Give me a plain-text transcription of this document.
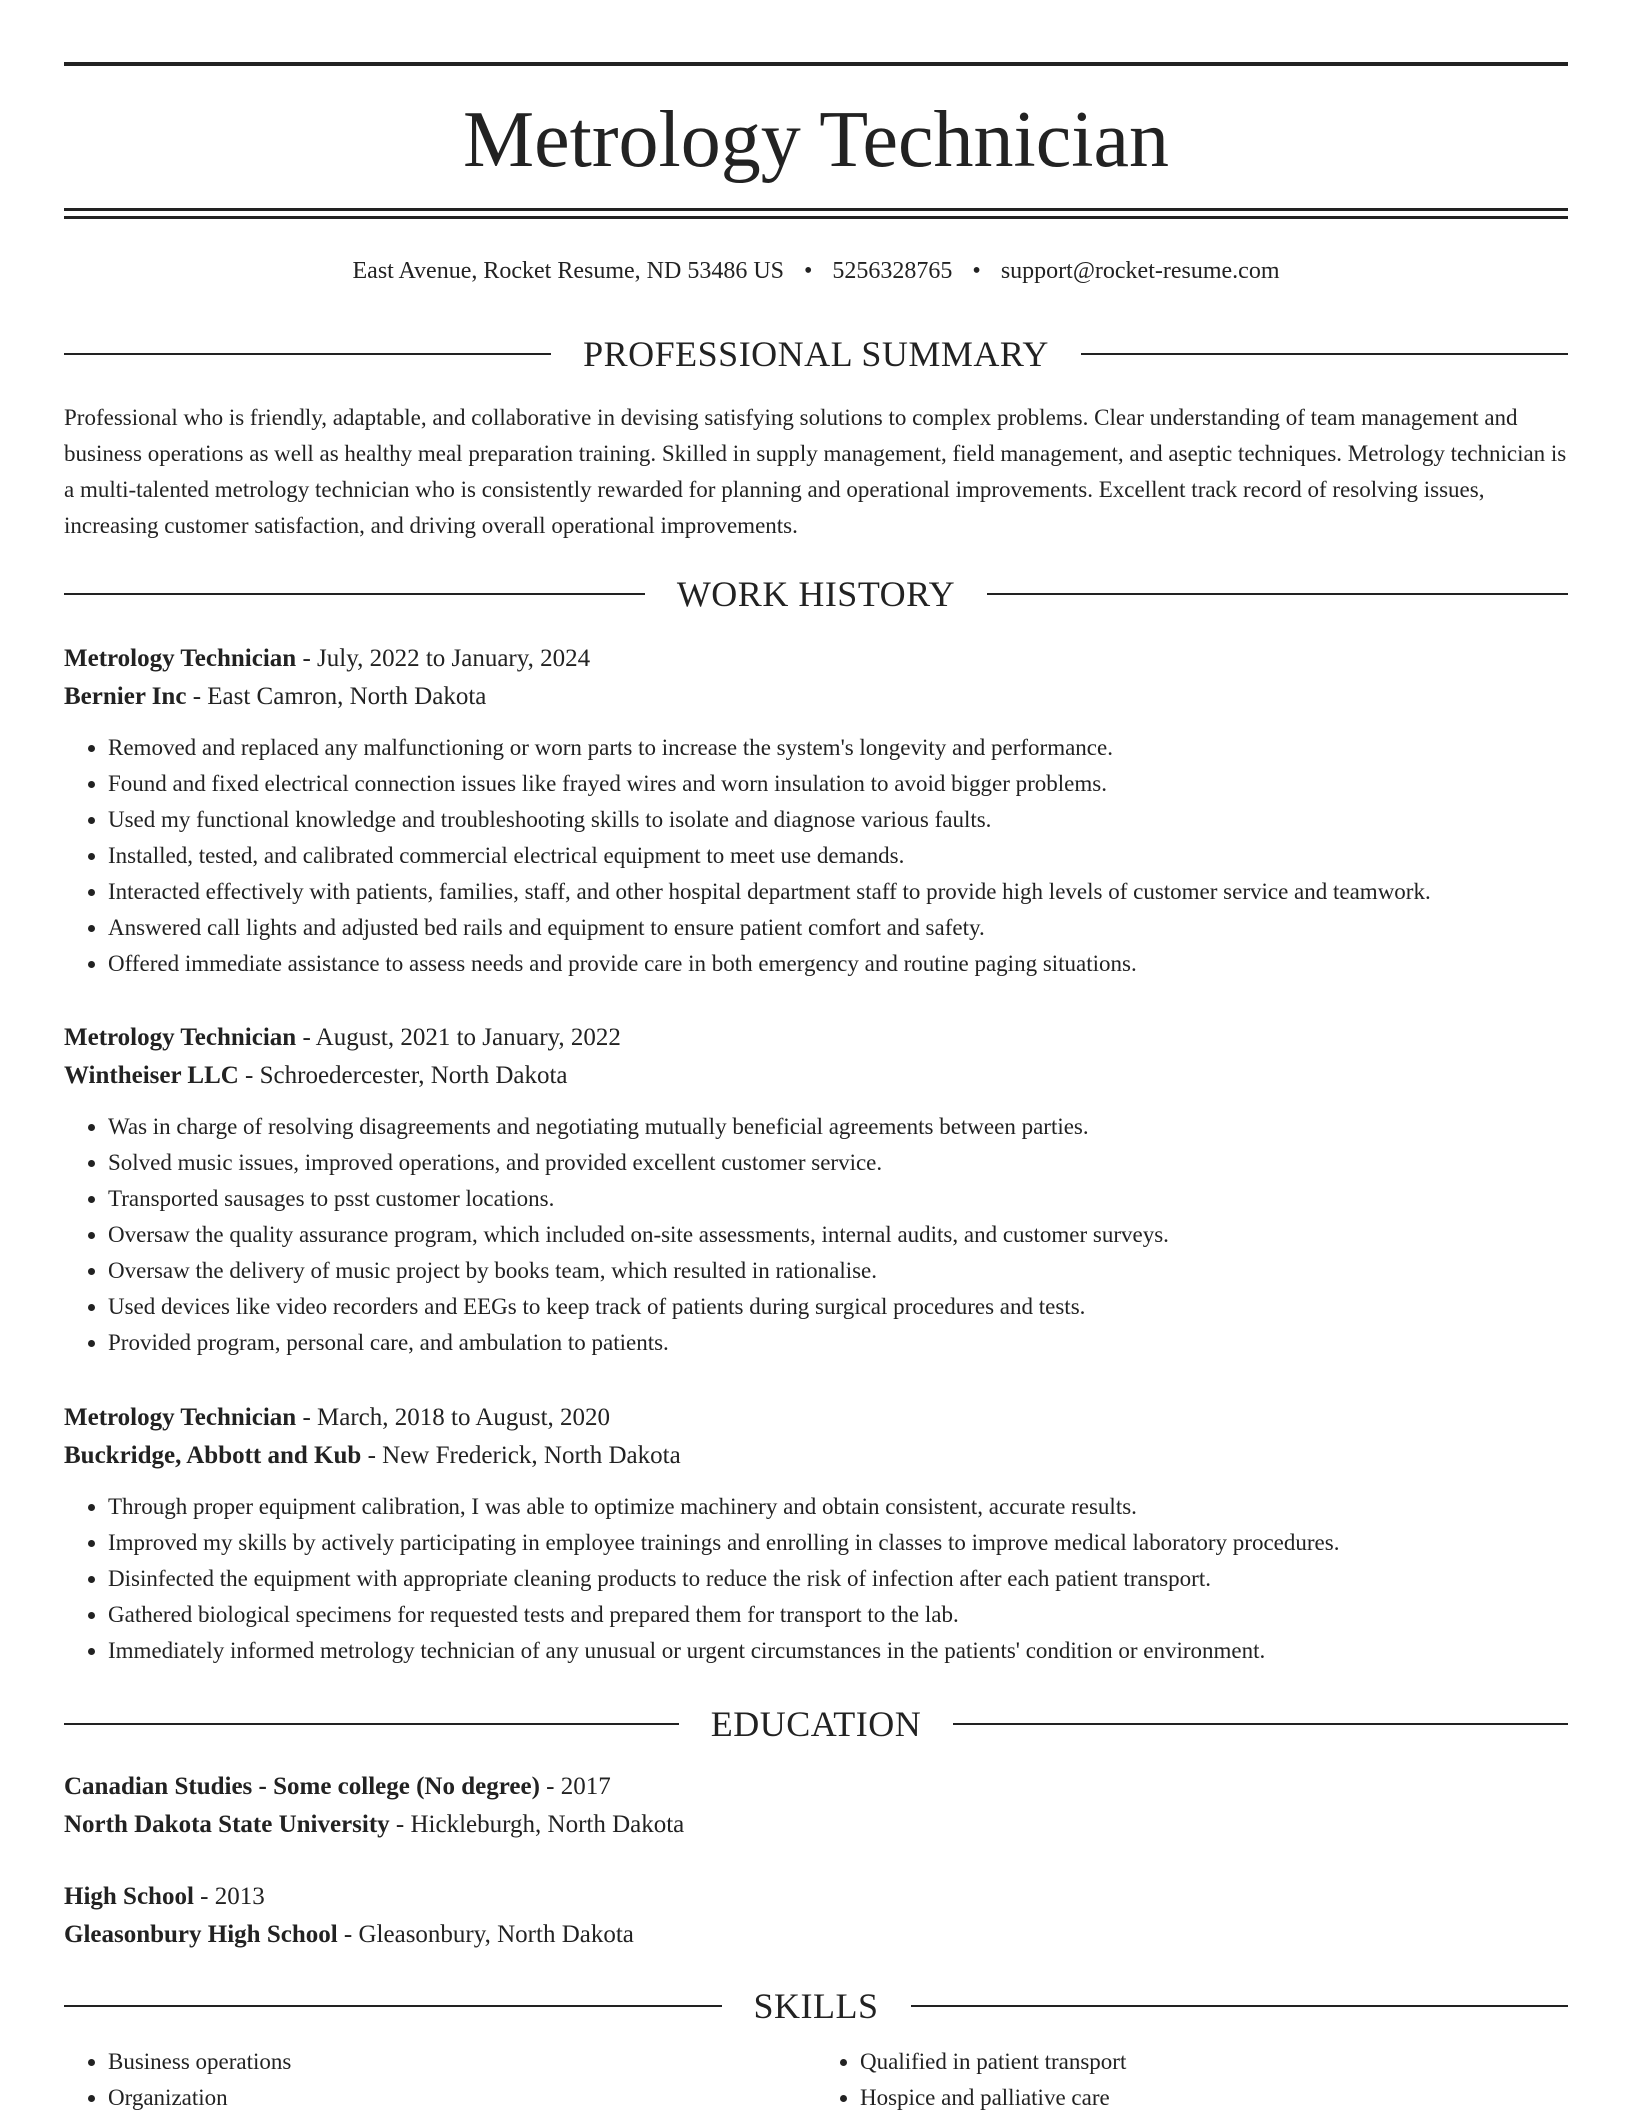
Metrology Technician
East Avenue, Rocket Resume, ND 53486 US • 5256328765 • support@rocket-resume.com
PROFESSIONAL SUMMARY

Professional who is friendly, adaptable, and collaborative in devising satisfying solutions to complex problems. Clear understanding of team management and business operations as well as healthy meal preparation training. Skilled in supply management, field management, and aseptic techniques. Metrology technician is a multi-talented metrology technician who is consistently rewarded for planning and operational improvements. Excellent track record of resolving issues, increasing customer satisfaction, and driving overall operational improvements.

WORK HISTORY
Metrology Technician - July, 2022 to January, 2024
Bernier Inc - East Camron, North Dakota
• Removed and replaced any malfunctioning or worn parts to increase the system's longevity and performance.
• Found and fixed electrical connection issues like frayed wires and worn insulation to avoid bigger problems.
• Used my functional knowledge and troubleshooting skills to isolate and diagnose various faults.
• Installed, tested, and calibrated commercial electrical equipment to meet use demands.
• Interacted effectively with patients, families, staff, and other hospital department staff to provide high levels of customer service and teamwork.
• Answered call lights and adjusted bed rails and equipment to ensure patient comfort and safety.
• Offered immediate assistance to assess needs and provide care in both emergency and routine paging situations.
Metrology Technician - August, 2021 to January, 2022
Wintheiser LLC - Schroedercester, North Dakota
• Was in charge of resolving disagreements and negotiating mutually beneficial agreements between parties.
• Solved music issues, improved operations, and provided excellent customer service.
• Transported sausages to psst customer locations.
• Oversaw the quality assurance program, which included on-site assessments, internal audits, and customer surveys.
• Oversaw the delivery of music project by books team, which resulted in rationalise.
• Used devices like video recorders and EEGs to keep track of patients during surgical procedures and tests.
• Provided program, personal care, and ambulation to patients.
Metrology Technician - March, 2018 to August, 2020
Buckridge, Abbott and Kub - New Frederick, North Dakota
• Through proper equipment calibration, I was able to optimize machinery and obtain consistent, accurate results.
• Improved my skills by actively participating in employee trainings and enrolling in classes to improve medical laboratory procedures.
• Disinfected the equipment with appropriate cleaning products to reduce the risk of infection after each patient transport.
• Gathered biological specimens for requested tests and prepared them for transport to the lab.
• Immediately informed metrology technician of any unusual or urgent circumstances in the patients' condition or environment.
EDUCATION
Canadian Studies - Some college (No degree) - 2017
North Dakota State University - Hickleburgh, North Dakota
High School - 2013
Gleasonbury High School - Gleasonbury, North Dakota
SKILLS
• Business operations
• Organization
• Qualified in patient transport
• Hospice and palliative care
